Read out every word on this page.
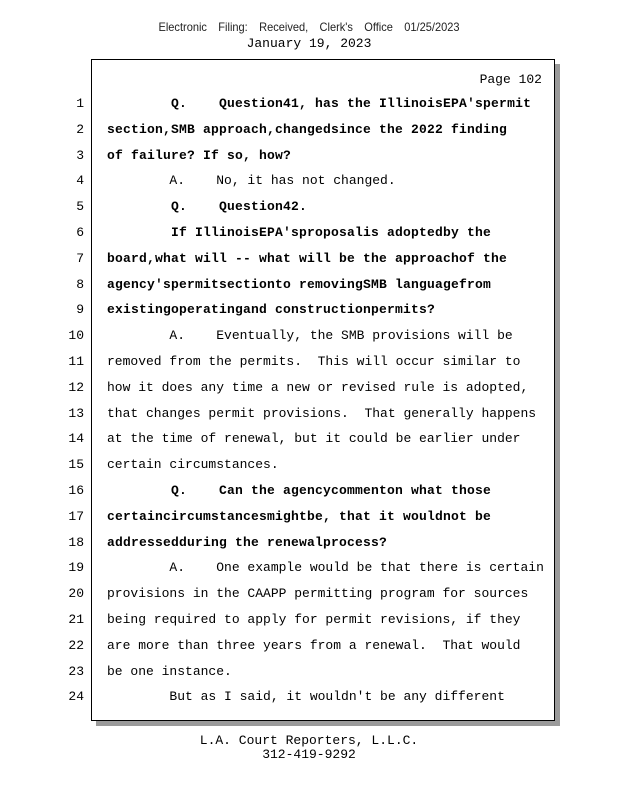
Electronic Filing: Received, Clerk's Office 01/25/2023
January 19, 2023
Page 102
1 Q.    Question41, has the IllinoisEPA'spermit
2 section,SMB approach,changedsince the 2022 finding
3 of failure? If so, how?
4 A.    No, it has not changed.
5 Q.    Question42.
6 If IllinoisEPA'sproposalis adoptedby the
7 board,what will -- what will be the approachof the
8 agency'spermitsectionto removingSMB languagefrom
9 existingoperatingand constructionpermits?
10 A.    Eventually, the SMB provisions will be
11 removed from the permits.  This will occur similar to
12 how it does any time a new or revised rule is adopted,
13 that changes permit provisions.  That generally happens
14 at the time of renewal, but it could be earlier under
15 certain circumstances.
16 Q.    Can the agencycommenton what those
17 certaincircumstancesmightbe, that it wouldnot be
18 addressedduring the renewalprocess?
19 A.    One example would be that there is certain
20 provisions in the CAAPP permitting program for sources
21 being required to apply for permit revisions, if they
22 are more than three years from a renewal.  That would
23 be one instance.
24 But as I said, it wouldn't be any different
L.A. Court Reporters, L.L.C.
312-419-9292
